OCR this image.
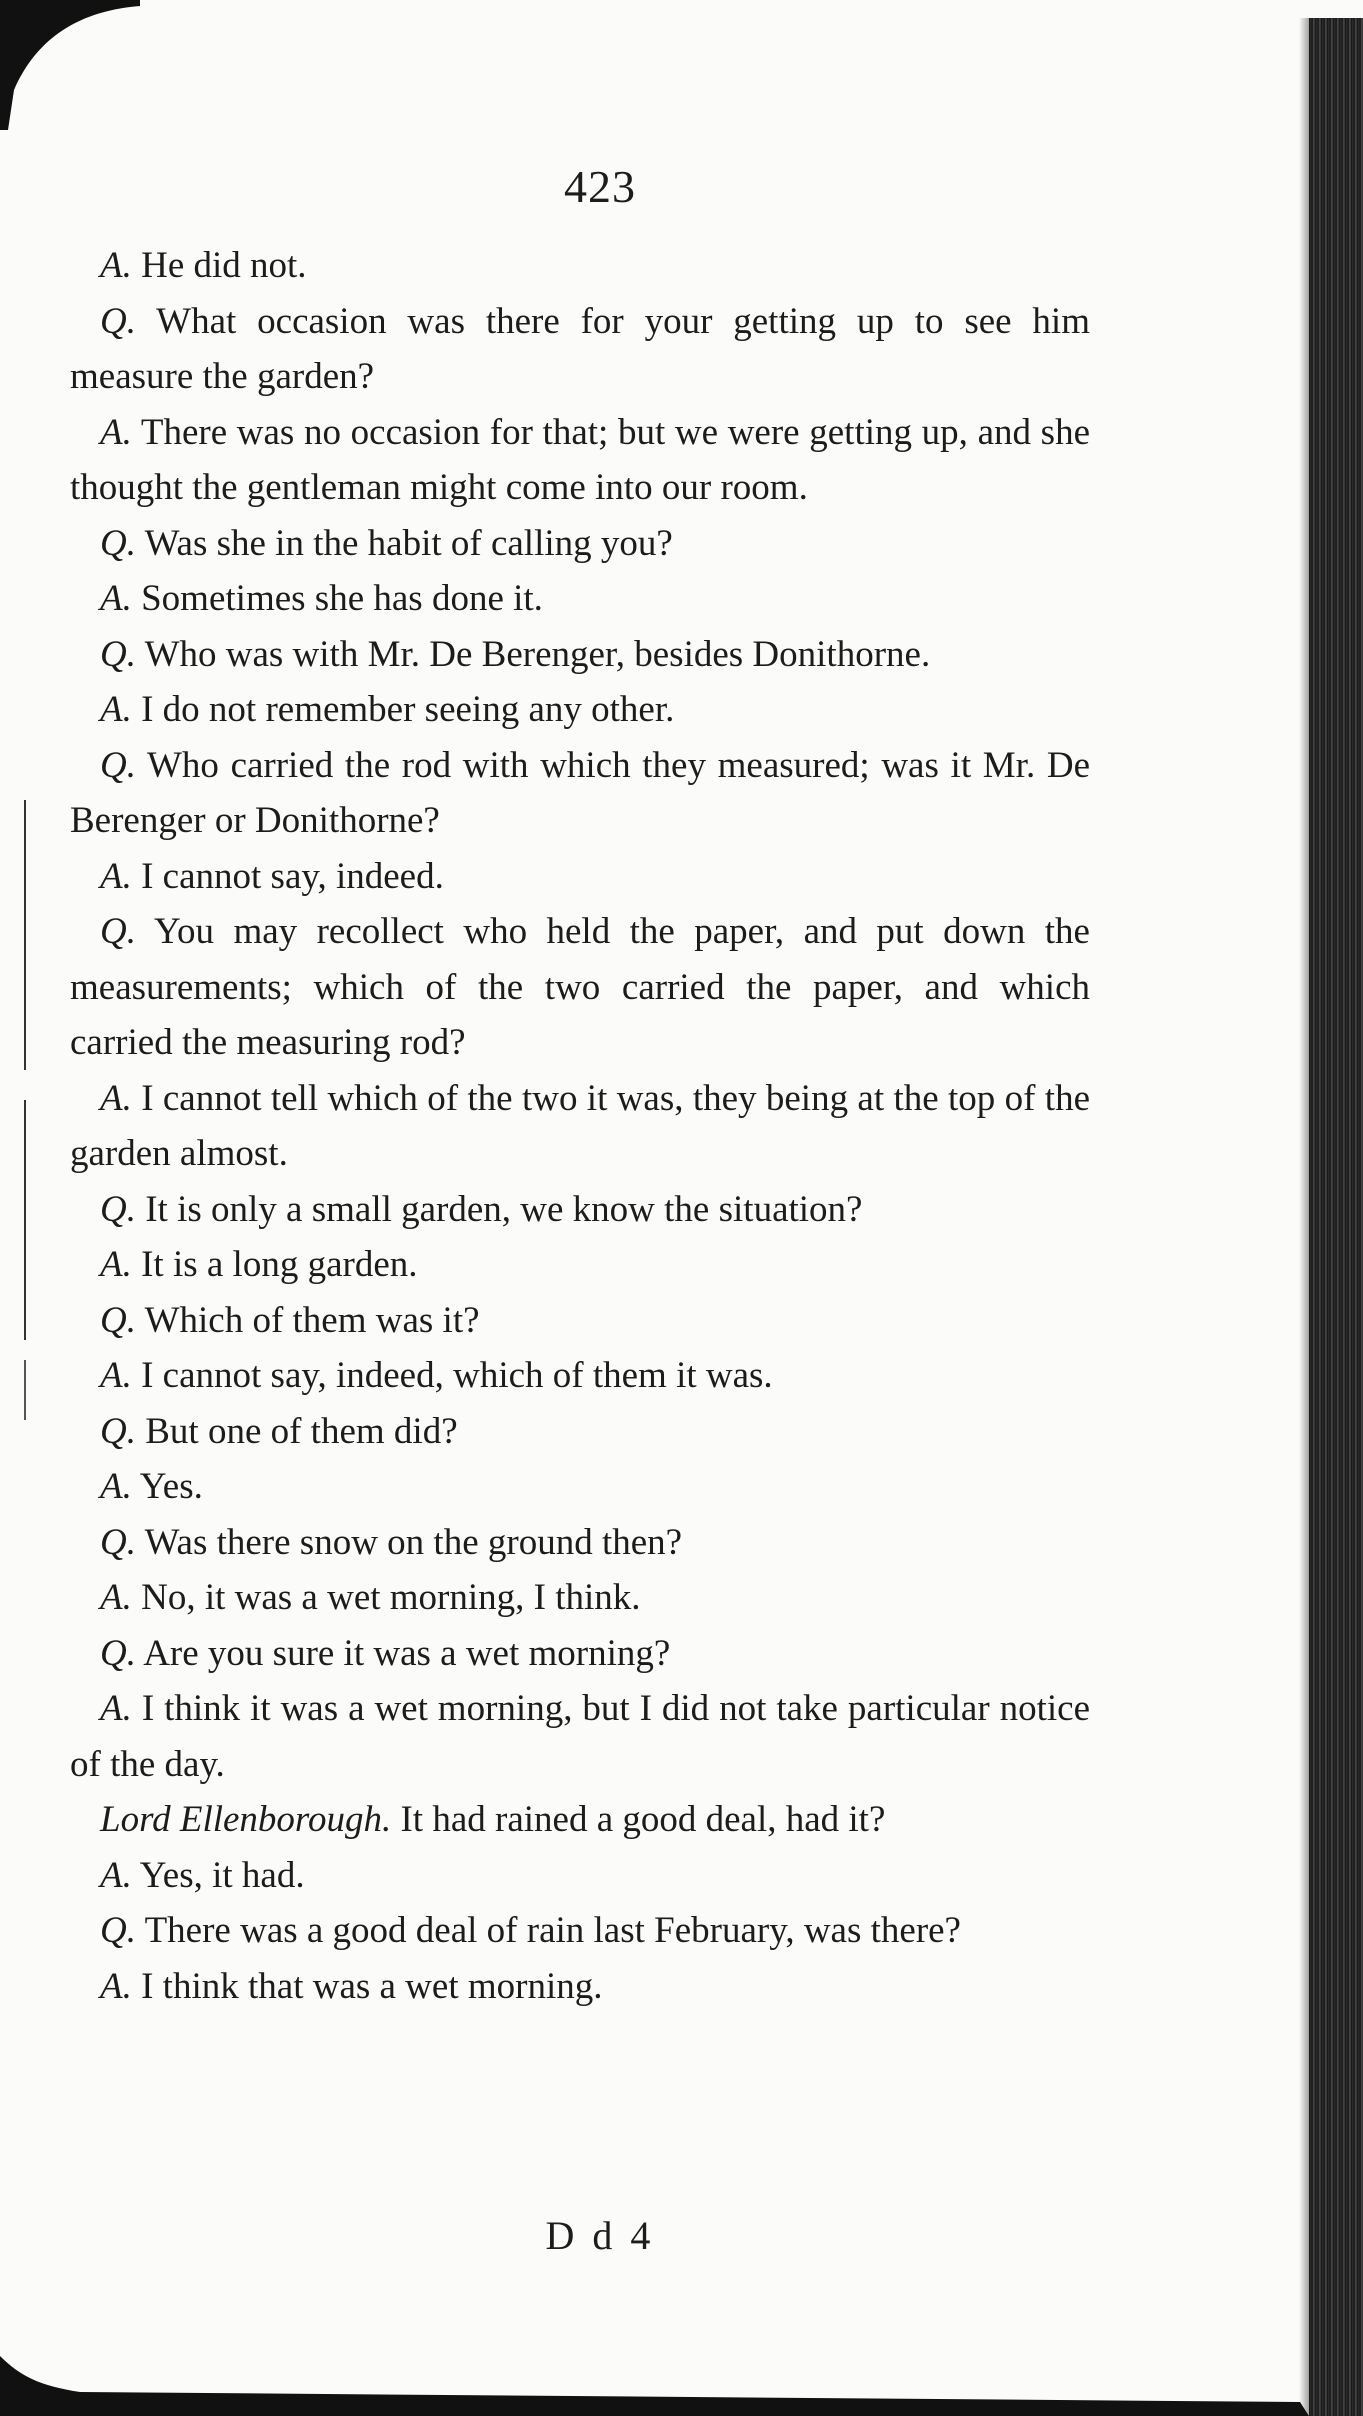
423

A. He did not.

Q. What occasion was there for your getting up to see him measure the garden?

A. There was no occasion for that; but we were getting up, and she thought the gentleman might come into our room.

Q. Was she in the habit of calling you?

A. Sometimes she has done it.

Q. Who was with Mr. De Berenger, besides Donithorne.

A. I do not remember seeing any other.

Q. Who carried the rod with which they measured; was it Mr. De Berenger or Donithorne?

A. I cannot say, indeed.

Q. You may recollect who held the paper, and put down the measurements; which of the two carried the paper, and which carried the measuring rod?

A. I cannot tell which of the two it was, they being at the top of the garden almost.

Q. It is only a small garden, we know the situation?

A. It is a long garden.

Q. Which of them was it?

A. I cannot say, indeed, which of them it was.

Q. But one of them did?

A. Yes.

Q. Was there snow on the ground then?

A. No, it was a wet morning, I think.

Q. Are you sure it was a wet morning?

A. I think it was a wet morning, but I did not take particular notice of the day.

Lord Ellenborough. It had rained a good deal, had it?

A. Yes, it had.

Q. There was a good deal of rain last February, was there?

A. I think that was a wet morning.

D d 4
